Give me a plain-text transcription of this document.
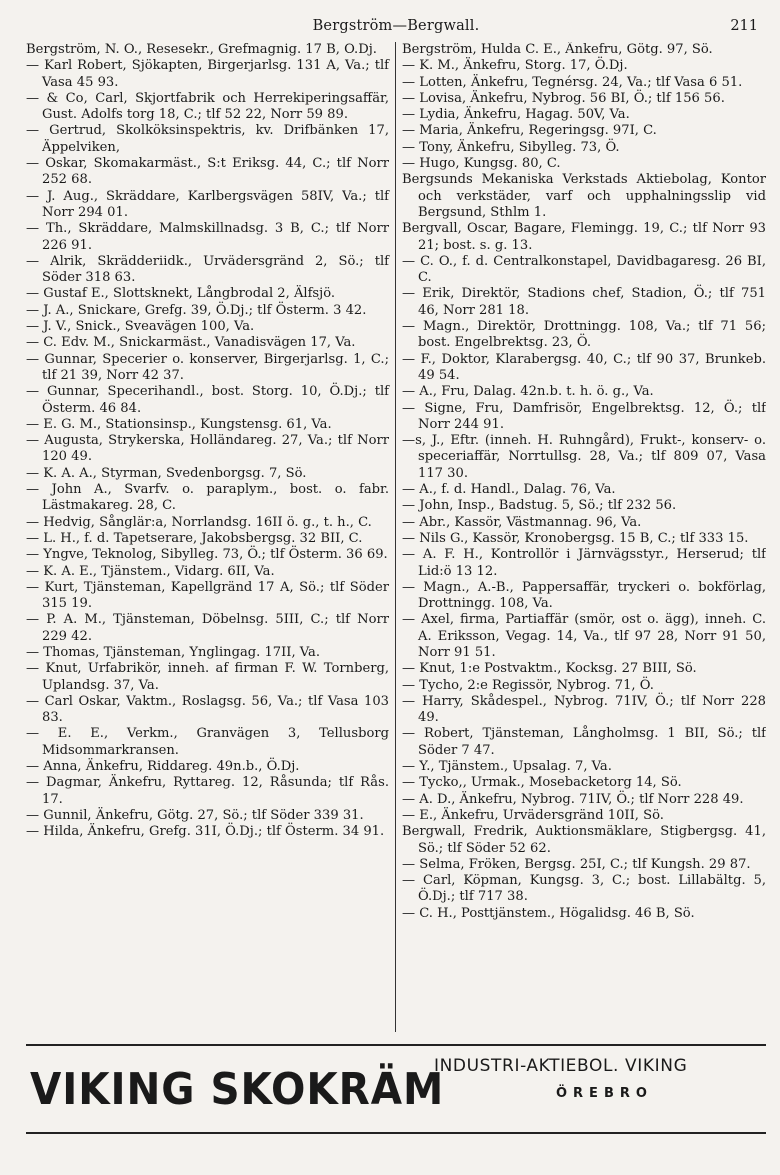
Bergström—Bergwall.	211

Bergström, N. O., Resesekr., Grefmagnig. 17 B, Ö.Dj.

— Karl Robert, Sjökapten, Birgerjarlsg. 131 A, Va.; tlf Vasa 45 93.

— & Co, Carl, Skjortfabrik och Herrekiperingsaffär, Gust. Adolfs torg 18, C.; tlf 52 22, Norr 59 89.

— Gertrud, Skolköksinspektris, kv. Drifbänken 17, Äppelviken,

— Oskar, Skomakarmäst., S:t Eriksg. 44, C.; tlf Norr 252 68.

— J. Aug., Skräddare, Karlbergsvägen 58IV, Va.; tlf Norr 294 01.

— Th., Skräddare, Malmskillnadsg. 3 B, C.; tlf Norr 226 91.

— Alrik, Skrädderiidk., Urvädersgränd 2, Sö.; tlf Söder 318 63.

— Gustaf E., Slottsknekt, Långbrodal 2, Älfsjö.

— J. A., Snickare, Grefg. 39, Ö.Dj.; tlf Österm. 3 42.

— J. V., Snick., Sveavägen 100, Va.

— C. Edv. M., Snickarmäst., Vanadisvägen 17, Va.

— Gunnar, Specerier o. konserver, Birgerjarlsg. 1, C.; tlf 21 39, Norr 42 37.

— Gunnar, Specerihandl., bost. Storg. 10, Ö.Dj.; tlf Österm. 46 84.

— E. G. M., Stationsinsp., Kungstensg. 61, Va.

— Augusta, Strykerska, Holländareg. 27, Va.; tlf Norr 120 49.

— K. A. A., Styrman, Svedenborgsg. 7, Sö.

— John A., Svarfv. o. paraplym., bost. o. fabr. Lästmakareg. 28, C.

— Hedvig, Sånglär:a, Norrlandsg. 16II ö. g., t. h., C.

— L. H., f. d. Tapetserare, Jakobsbergsg. 32 BII, C.

— Yngve, Teknolog, Sibylleg. 73, Ö.; tlf Österm. 36 69.

— K. A. E., Tjänstem., Vidarg. 6II, Va.

— Kurt, Tjänsteman, Kapellgränd 17 A, Sö.; tlf Söder 315 19.

— P. A. M., Tjänsteman, Döbelnsg. 5III, C.; tlf Norr 229 42.

— Thomas, Tjänsteman, Ynglingag. 17II, Va.

— Knut, Urfabrikör, inneh. af firman F. W. Tornberg, Uplandsg. 37, Va.

— Carl Oskar, Vaktm., Roslagsg. 56, Va.; tlf Vasa 103 83.

— E. E., Verkm., Granvägen 3, Tellusborg Midsommarkransen.

— Anna, Änkefru, Riddareg. 49n.b., Ö.Dj.

— Dagmar, Änkefru, Ryttareg. 12, Råsunda; tlf Rås. 17.

— Gunnil, Änkefru, Götg. 27, Sö.; tlf Söder 339 31.

— Hilda, Änkefru, Grefg. 31I, Ö.Dj.; tlf Österm. 34 91.

Bergström, Hulda C. E., Änkefru, Götg. 97, Sö.

— K. M., Änkefru, Storg. 17, Ö.Dj.

— Lotten, Änkefru, Tegnérsg. 24, Va.; tlf Vasa 6 51.

— Lovisa, Änkefru, Nybrog. 56 BI, Ö.; tlf 156 56.

— Lydia, Änkefru, Hagag. 50V, Va.

— Maria, Änkefru, Regeringsg. 97I, C.

— Tony, Änkefru, Sibylleg. 73, Ö.

— Hugo, Kungsg. 80, C.

Bergsunds Mekaniska Verkstads Aktiebolag, Kontor och verkstäder, varf och upphalningsslip vid Bergsund, Sthlm 1.

Bergvall, Oscar, Bagare, Flemingg. 19, C.; tlf Norr 93 21; bost. s. g. 13.

— C. O., f. d. Centralkonstapel, Davidbagaresg. 26 BI, C.

— Erik, Direktör, Stadions chef, Stadion, Ö.; tlf 751 46, Norr 281 18.

— Magn., Direktör, Drottningg. 108, Va.; tlf 71 56; bost. Engelbrektsg. 23, Ö.

— F., Doktor, Klarabergsg. 40, C.; tlf 90 37, Brunkeb. 49 54.

— A., Fru, Dalag. 42n.b. t. h. ö. g., Va.

— Signe, Fru, Damfrisör, Engelbrektsg. 12, Ö.; tlf Norr 244 91.

—s, J., Eftr. (inneh. H. Ruhngård), Frukt-, konserv- o. speceriaffär, Norrtullsg. 28, Va.; tlf 809 07, Vasa 117 30.

— A., f. d. Handl., Dalag. 76, Va.

— John, Insp., Badstug. 5, Sö.; tlf 232 56.

— Abr., Kassör, Västmannag. 96, Va.

— Nils G., Kassör, Kronobergsg. 15 B, C.; tlf 333 15.

— A. F. H., Kontrollör i Järnvägsstyr., Herserud; tlf Lid:ö 13 12.

— Magn., A.-B., Pappersaffär, tryckeri o. bokförlag, Drottningg. 108, Va.

— Axel, firma, Partiaffär (smör, ost o. ägg), inneh. C. A. Eriksson, Vegag. 14, Va., tlf 97 28, Norr 91 50, Norr 91 51.

— Knut, 1:e Postvaktm., Kocksg. 27 BIII, Sö.

— Tycho, 2:e Regissör, Nybrog. 71, Ö.

— Harry, Skådespel., Nybrog. 71IV, Ö.; tlf Norr 228 49.

— Robert, Tjänsteman, Långholmsg. 1 BII, Sö.; tlf Söder 7 47.

— Y., Tjänstem., Upsalag. 7, Va.

— Tycko,, Urmak., Mosebacketorg 14, Sö.

— A. D., Änkefru, Nybrog. 71IV, Ö.; tlf Norr 228 49.

— E., Änkefru, Urvädersgränd 10II, Sö.

Bergwall, Fredrik, Auktionsmäklare, Stigbergsg. 41, Sö.; tlf Söder 52 62.

— Selma, Fröken, Bergsg. 25I, C.; tlf Kungsh. 29 87.

— Carl, Köpman, Kungsg. 3, C.; bost. Lillabältg. 5, Ö.Dj.; tlf 717 38.

— C. H., Posttjänstem., Högalidsg. 46 B, Sö.

VIKING SKOKRÄM
INDUSTRI-AKTIEBOL. VIKING
ÖREBRO
